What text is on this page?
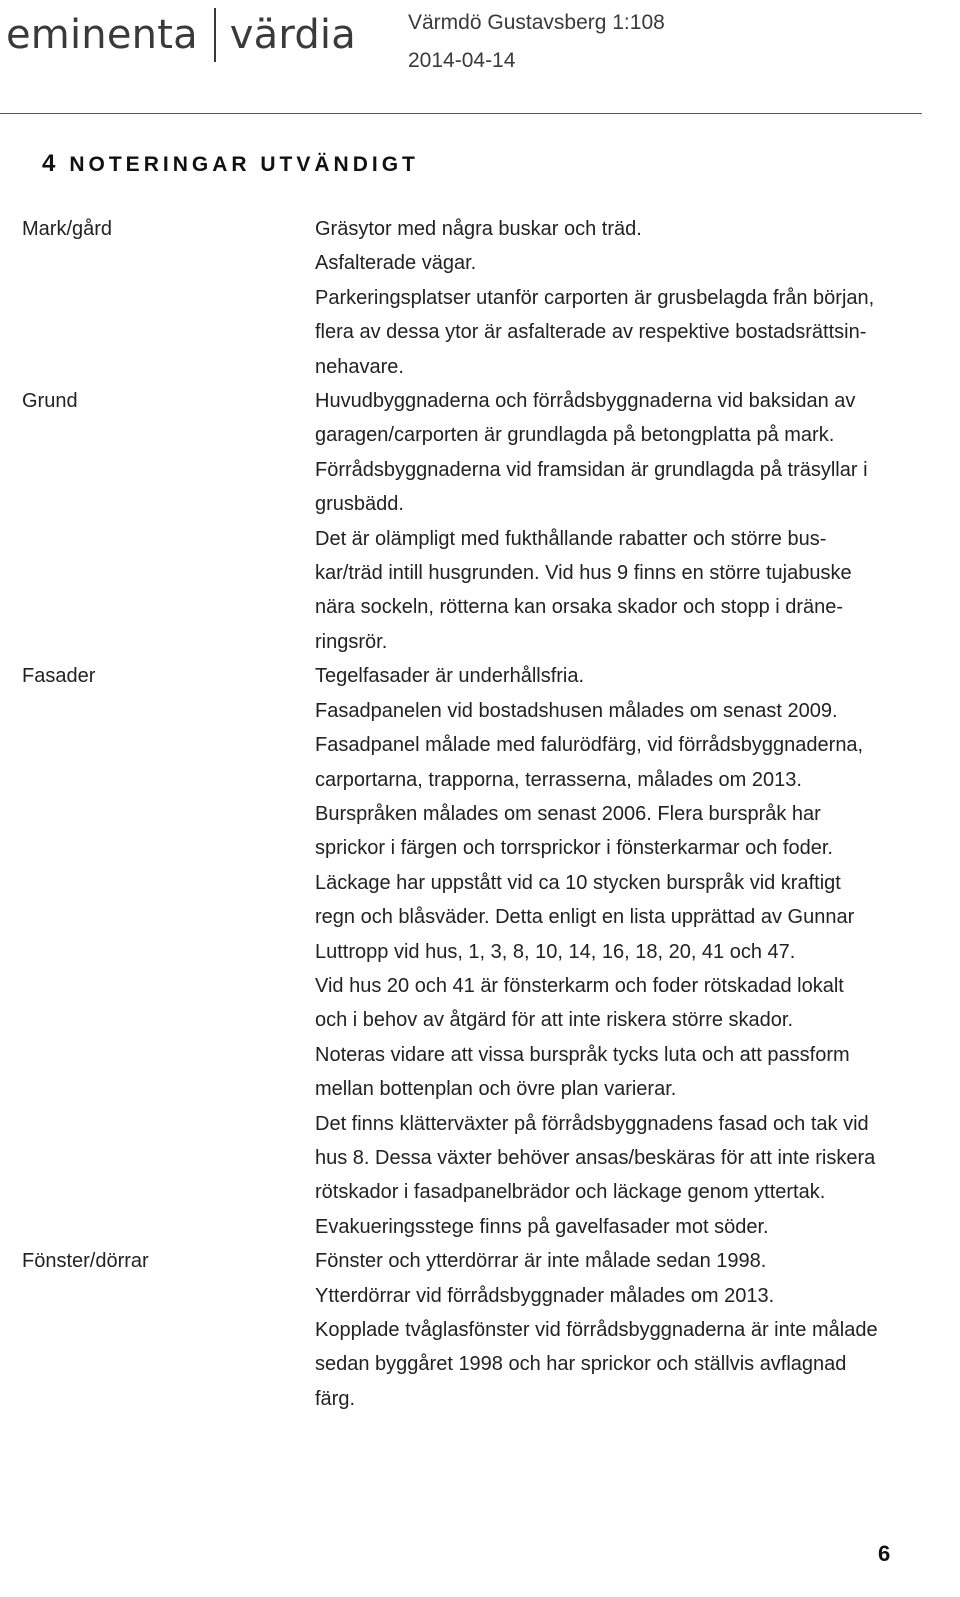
eminenta värdia Värmdö Gustavsberg 1:108
2014-04-14
4 NOTERINGAR UTVÄNDIGT
Mark/gård	Gräsytor med några buskar och träd.

Asfalterade vägar.

Parkeringsplatser utanför carporten är grusbelagda från början,

flera av dessa ytor är asfalterade av respektive bostadsrättsin-

nehavare.

Grund	Huvudbyggnaderna och förrådsbyggnaderna vid baksidan av

garagen/carporten är grundlagda på betongplatta på mark.

Förrådsbyggnaderna vid framsidan är grundlagda på träsyllar i

grusbädd.

Det är olämpligt med fukthållande rabatter och större bus-

kar/träd intill husgrunden. Vid hus 9 finns en större tujabuske

nära sockeln, rötterna kan orsaka skador och stopp i dräne-

ringsrör.

Fasader	Tegelfasader är underhållsfria.

Fasadpanelen vid bostadshusen målades om senast 2009.

Fasadpanel målade med falurödfärg, vid förrådsbyggnaderna,

carportarna, trapporna, terrasserna, målades om 2013.

Burspråken målades om senast 2006. Flera burspråk har

sprickor i färgen och torrsprickor i fönsterkarmar och foder.

Läckage har uppstått vid ca 10 stycken burspråk vid kraftigt

regn och blåsväder. Detta enligt en lista upprättad av Gunnar

Luttropp vid hus, 1, 3, 8, 10, 14, 16, 18, 20, 41 och 47.

Vid hus 20 och 41 är fönsterkarm och foder rötskadad lokalt

och i behov av åtgärd för att inte riskera större skador.

Noteras vidare att vissa burspråk tycks luta och att passform

mellan bottenplan och övre plan varierar.

Det finns klätterväxter på förrådsbyggnadens fasad och tak vid

hus 8. Dessa växter behöver ansas/beskäras för att inte riskera

rötskador i fasadpanelbrädor och läckage genom yttertak.

Evakueringsstege finns på gavelfasader mot söder.

Fönster/dörrar	Fönster och ytterdörrar är inte målade sedan 1998.

Ytterdörrar vid förrådsbyggnader målades om 2013.

Kopplade tvåglasfönster vid förrådsbyggnaderna är inte målade

sedan byggåret 1998 och har sprickor och ställvis avflagnad

färg.

6
